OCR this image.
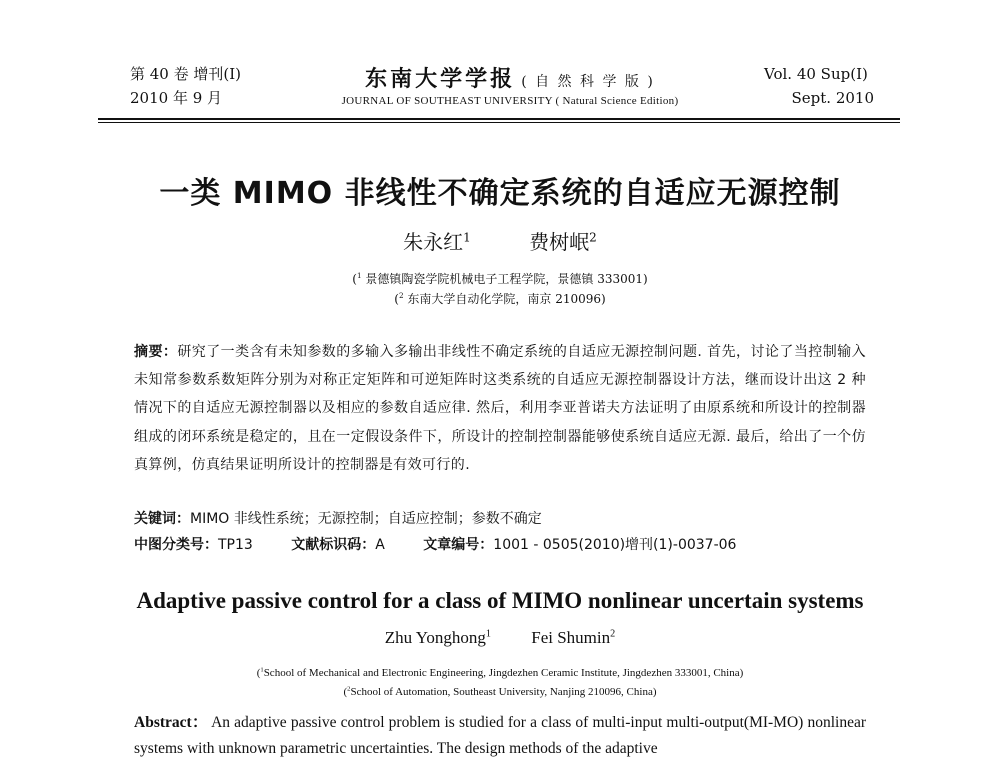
第 40 卷 增刊(I)
2010 年 9 月
东南大学学报 ( 自 然 科 学 版 )
JOURNAL OF SOUTHEAST UNIVERSITY ( Natural Science Edition)
Vol. 40 Sup(I)
Sept. 2010
一类 MIMO 非线性不确定系统的自适应无源控制
朱永红$^1$	费树岷$^2$
($^1$ 景德镇陶瓷学院机械电子工程学院，景德镇 333001)
($^2$ 东南大学自动化学院，南京 210096)
摘要：研究了一类含有未知参数的多输入多输出非线性不确定系统的自适应无源控制问题. 首先，讨论了当控制输入未知常参数系数矩阵分别为对称正定矩阵和可逆矩阵时这类系统的自适应无源控制器设计方法，继而设计出这 2 种情况下的自适应无源控制器以及相应的参数自适应律. 然后，利用李亚普诺夫方法证明了由原系统和所设计的控制器组成的闭环系统是稳定的，且在一定假设条件下，所设计的控制控制器能够使系统自适应无源. 最后，给出了一个仿真算例，仿真结果证明所设计的控制器是有效可行的.
关键词：MIMO 非线性系统；无源控制；自适应控制；参数不确定
中图分类号：TP13	文献标识码：A	文章编号：1001 - 0505(2010)增刊(1)-0037-06
Adaptive passive control for a class of MIMO nonlinear uncertain systems
Zhu Yonghong$^1$ Fei Shumin$^2$
($^1$School of Mechanical and Electronic Engineering, Jingdezhen Ceramic Institute, Jingdezhen 333001, China)
($^2$School of Automation, Southeast University, Nanjing 210096, China)
Abstract： An adaptive passive control problem is studied for a class of multi-input multi-output(MI-MO) nonlinear systems with unknown parametric uncertainties. The design methods of the adaptive
